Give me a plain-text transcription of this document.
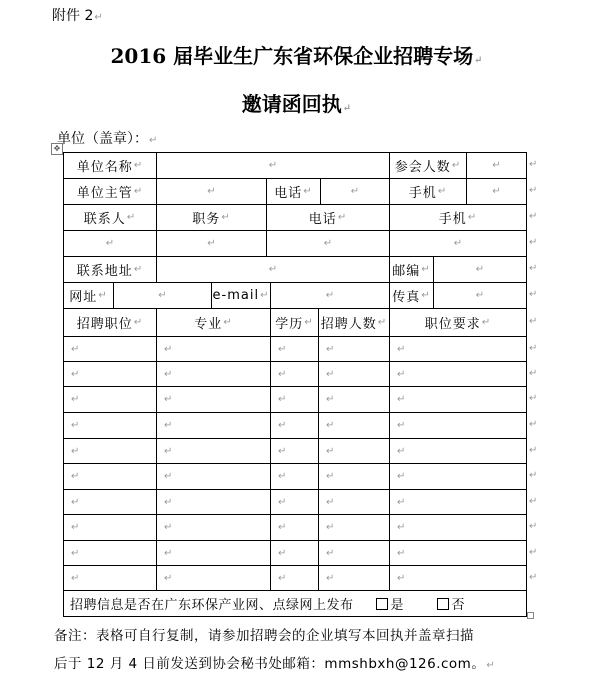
附件 2↵
2016 届毕业生广东省环保企业招聘专场↵
邀请函回执↵
单位（盖章）：↵
✥
单位名称 ↵	↵	参会人数 ↵	↵	↵
单位主管 ↵	↵	电话 ↵	↵	手机 ↵	↵	↵
联系人 ↵	职务 ↵	电话 ↵	手机 ↵	↵
↵	↵	↵	↵	↵
联系地址 ↵	↵	邮编 ↵	↵	↵
网址 ↵	↵	e-mail ↵	↵	传真 ↵	↵	↵
招聘职位 ↵	专业 ↵	学历 ↵ 招聘人数 ↵	职位要求 ↵	↵
↵	↵	↵	↵	↵	↵
↵	↵	↵	↵	↵	↵
↵	↵	↵	↵	↵	↵
↵	↵	↵	↵	↵	↵
↵	↵	↵	↵	↵	↵
↵	↵	↵	↵	↵	↵
↵	↵	↵	↵	↵	↵
↵	↵	↵	↵	↵	↵
↵	↵	↵	↵	↵	↵
↵	↵	↵	↵	↵	↵
招聘信息是否在广东环保产业网、点绿网上发布	是	否
备注：表格可自行复制，请参加招聘会的企业填写本回执并盖章扫描
后于 12 月 4 日前发送到协会秘书处邮箱：mmshbxh@126.com。↵
